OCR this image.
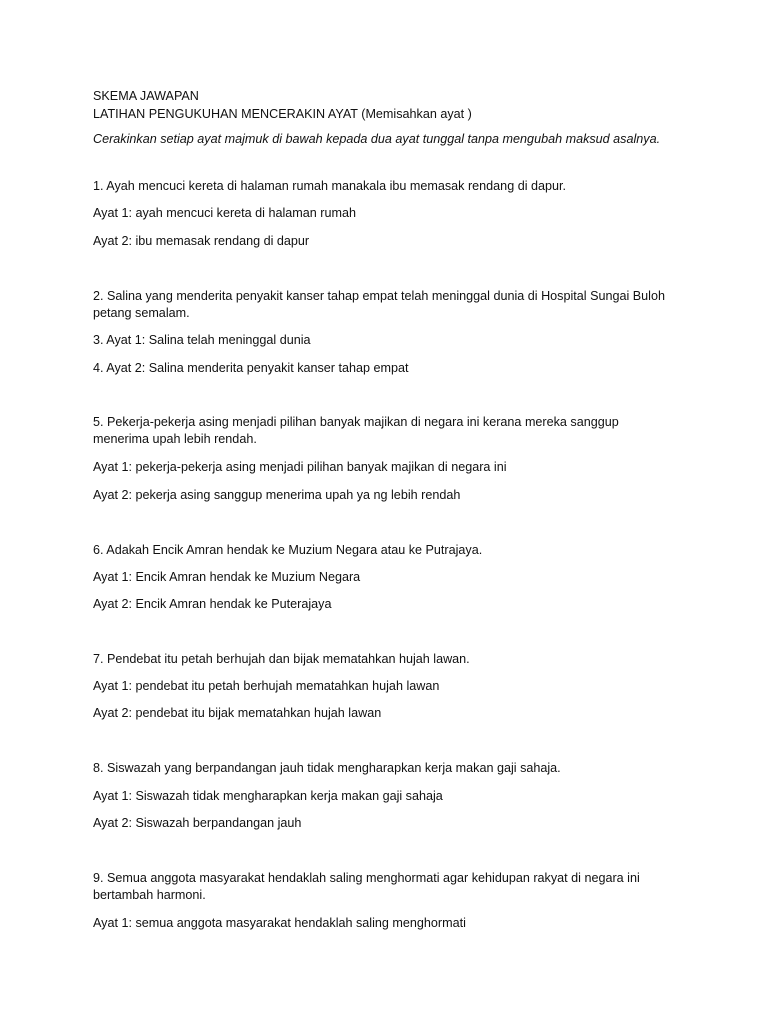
SKEMA JAWAPAN
LATIHAN PENGUKUHAN MENCERAKIN AYAT (Memisahkan ayat )
Cerakinkan setiap ayat majmuk di bawah kepada dua ayat tunggal tanpa mengubah maksud asalnya.
1. Ayah mencuci kereta di halaman rumah manakala ibu memasak rendang di dapur.
Ayat 1: ayah mencuci kereta di halaman rumah
Ayat 2: ibu memasak rendang di dapur
2. Salina yang menderita penyakit kanser tahap empat telah meninggal dunia di Hospital Sungai Buloh petang semalam.
3. Ayat 1: Salina telah meninggal dunia
4. Ayat 2: Salina menderita penyakit kanser tahap empat
5. Pekerja-pekerja asing menjadi pilihan banyak majikan di negara ini kerana mereka sanggup menerima upah lebih rendah.
Ayat 1: pekerja-pekerja asing menjadi pilihan banyak majikan di negara ini
Ayat 2: pekerja asing sanggup menerima upah ya ng lebih rendah
6. Adakah Encik Amran hendak ke Muzium Negara atau ke Putrajaya.
Ayat 1: Encik Amran hendak ke Muzium Negara
Ayat 2: Encik Amran hendak ke Puterajaya
7. Pendebat itu petah berhujah dan bijak mematahkan hujah lawan.
Ayat 1: pendebat itu petah berhujah mematahkan hujah lawan
Ayat 2: pendebat itu bijak mematahkan hujah lawan
8. Siswazah yang berpandangan jauh tidak mengharapkan kerja makan gaji sahaja.
Ayat 1: Siswazah tidak mengharapkan kerja makan gaji sahaja
Ayat 2: Siswazah berpandangan jauh
9. Semua anggota masyarakat hendaklah saling menghormati agar kehidupan rakyat di negara ini bertambah harmoni.
Ayat 1: semua anggota masyarakat hendaklah saling menghormati
